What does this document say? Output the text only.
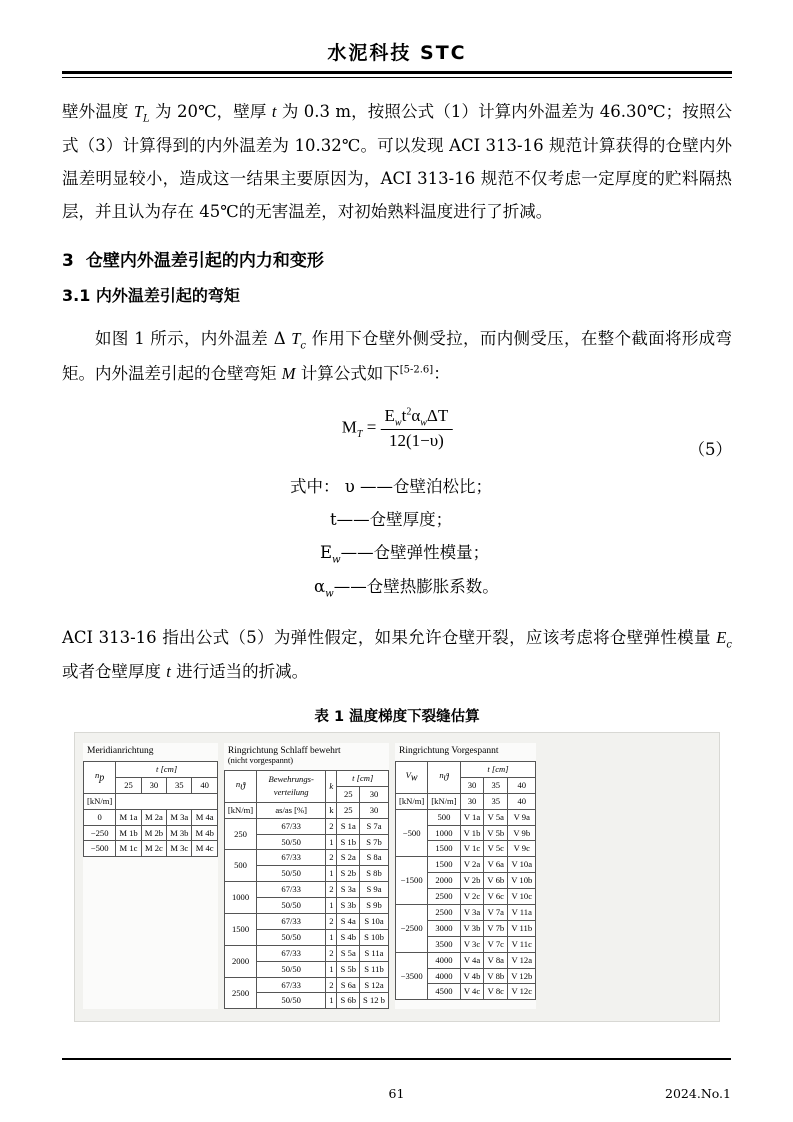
水泥科技 STC

壁外温度 $T_L$ 为 20℃，壁厚 t 为 0.3 m，按照公式（1）计算内外温差为 46.30℃；按照公式（3）计算得到的内外温差为 10.32℃。可以发现 ACI 313-16 规范计算获得的仓壁内外温差明显较小，造成这一结果主要原因为，ACI 313-16 规范不仅考虑一定厚度的贮料隔热层，并且认为存在 45℃的无害温差，对初始熟料温度进行了折减。

3 仓壁内外温差引起的内力和变形
3.1 内外温差引起的弯矩

如图 1 所示，内外温差 Δ $T_c$ 作用下仓壁外侧受拉，而内侧受压，在整个截面将形成弯矩。内外温差引起的仓壁弯矩 M 计算公式如下[5-2.6]：

$M_T = \frac{E_wt^2\alpha_w\Delta T}{12(1-\upsilon)}$	（5）
式中： υ ——仓壁泊松比；
t——仓壁厚度；
$E_w——$仓壁弹性模量；
$\alpha_w——$仓壁热膨胀系数。

ACI 313-16 指出公式（5）为弹性假定，如果允许仓壁开裂，应该考虑将仓壁弹性模量 $E_c$ 或者仓壁厚度 t 进行适当的折减。

表 1 温度梯度下裂缝估算
Meridianrichtung
np	t [cm]			
	25	30	35	40
[kN/m]				
0	M 1a	M 2a	M 3a	M 4a
−250	M 1b	M 2b	M 3b	M 4b
−500	M 1c	M 2c	M 3c	M 4c
Ringrichtung Schlaff bewehrt
(nicht vorgespannt)
nϑ	Bewehrungs-verteilung	k	t [cm]	
			25	30
[kN/m]	as/as [%]	k	25	30
250	67/33	2	S 1a	S 7a
	50/50	1	S 1b	S 7b
500	67/33	2	S 2a	S 8a
	50/50	1	S 2b	S 8b
1000	67/33	2	S 3a	S 9a
	50/50	1	S 3b	S 9b
1500	67/33	2	S 4a	S 10a
	50/50	1	S 4b	S 10b
2000	67/33	2	S 5a	S 11a
	50/50	1	S 5b	S 11b
2500	67/33	2	S 6a	S 12a
	50/50	1	S 6b	S 12 b
Ringrichtung Vorgespannt
Vw	nϑ	t [cm]		
		30	35	40
[kN/m]	[kN/m]	30	35	40
−500	500	V 1a	V 5a	V 9a
	1000	V 1b	V 5b	V 9b
	1500	V 1c	V 5c	V 9c
−1500	1500	V 2a	V 6a	V 10a
	2000	V 2b	V 6b	V 10b
	2500	V 2c	V 6c	V 10c
−2500	2500	V 3a	V 7a	V 11a
	3000	V 3b	V 7b	V 11b
	3500	V 3c	V 7c	V 11c
−3500	4000	V 4a	V 8a	V 12a
	4000	V 4b	V 8b	V 12b
	4500	V 4c	V 8c	V 12c
61	2024.No.1
